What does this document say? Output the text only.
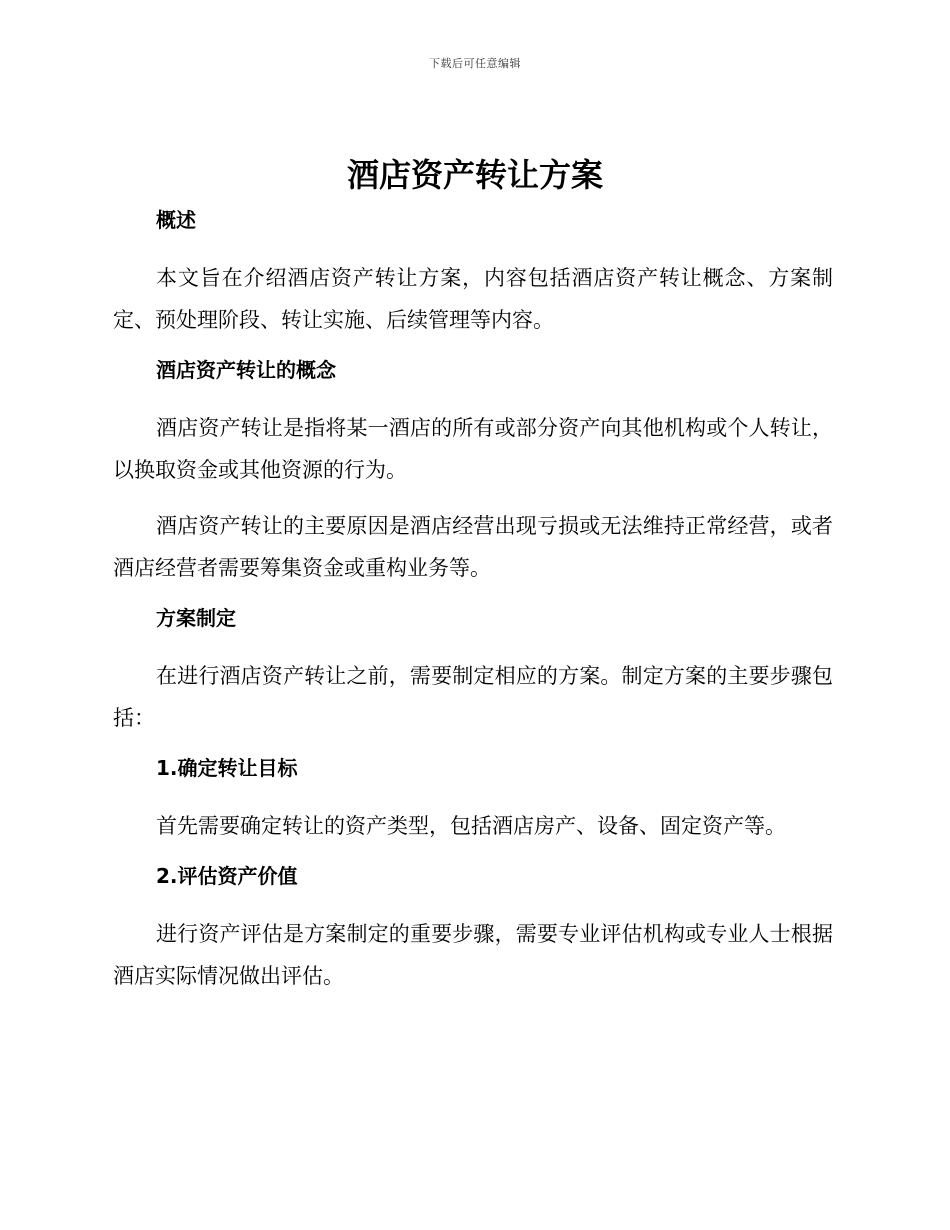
下载后可任意编辑
酒店资产转让方案
概述

本文旨在介绍酒店资产转让方案，内容包括酒店资产转让概念、方案制定、预处理阶段、转让实施、后续管理等内容。

酒店资产转让的概念

酒店资产转让是指将某一酒店的所有或部分资产向其他机构或个人转让，以换取资金或其他资源的行为。

酒店资产转让的主要原因是酒店经营出现亏损或无法维持正常经营，或者酒店经营者需要筹集资金或重构业务等。

方案制定

在进行酒店资产转让之前，需要制定相应的方案。制定方案的主要步骤包括：

1.确定转让目标

首先需要确定转让的资产类型，包括酒店房产、设备、固定资产等。

2.评估资产价值

进行资产评估是方案制定的重要步骤，需要专业评估机构或专业人士根据酒店实际情况做出评估。
